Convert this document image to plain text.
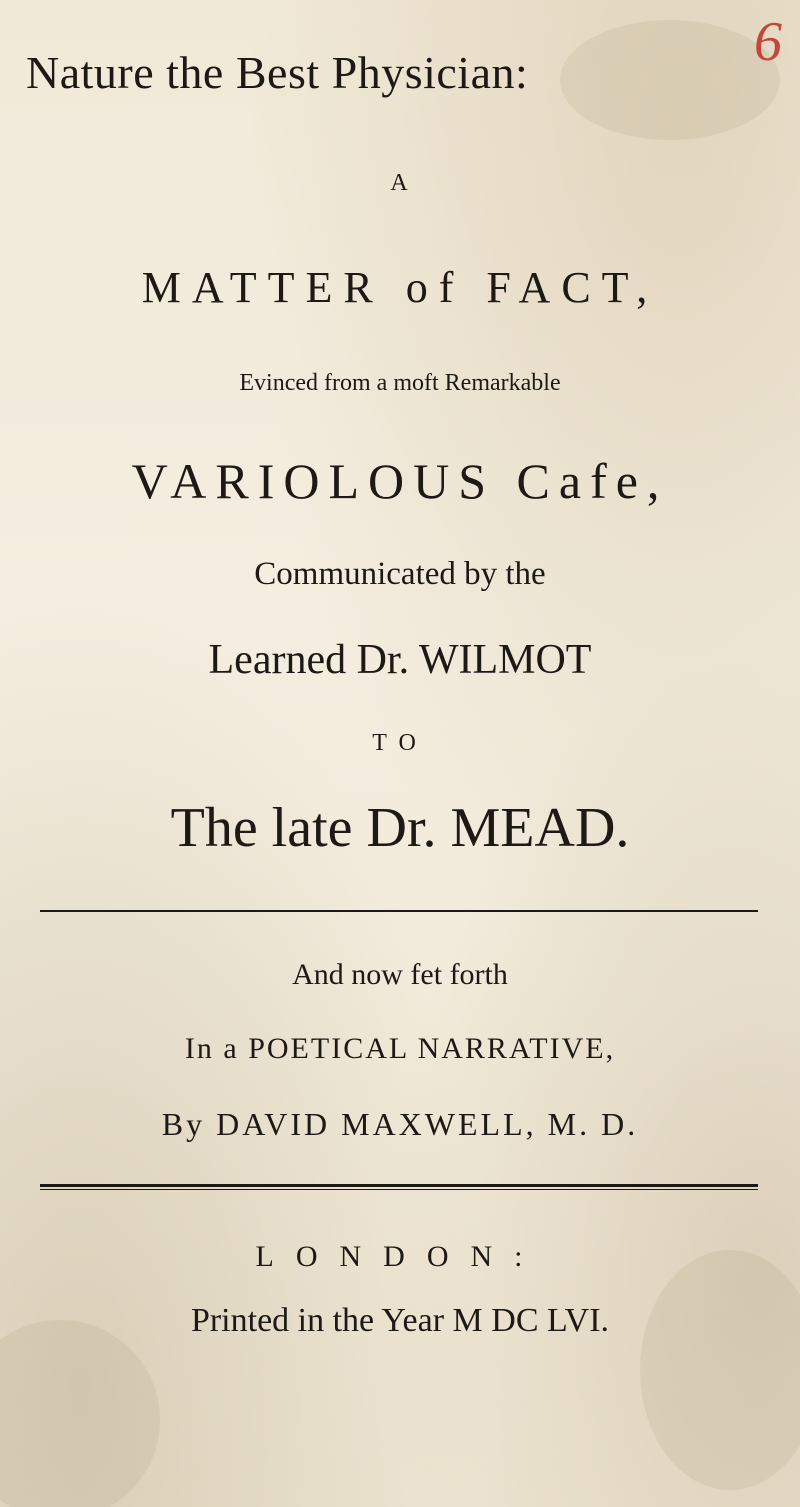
6
Nature the Best Physician:
A
MATTER of FACT,
Evinced from a moft Remarkable
VARIOLOUS Cafe,
Communicated by the
Learned Dr. WILMOT
TO
The late Dr. MEAD.
And now fet forth
In a POETICAL NARRATIVE,
By DAVID MAXWELL, M. D.
LONDON:
Printed in the Year M DC LVI.
